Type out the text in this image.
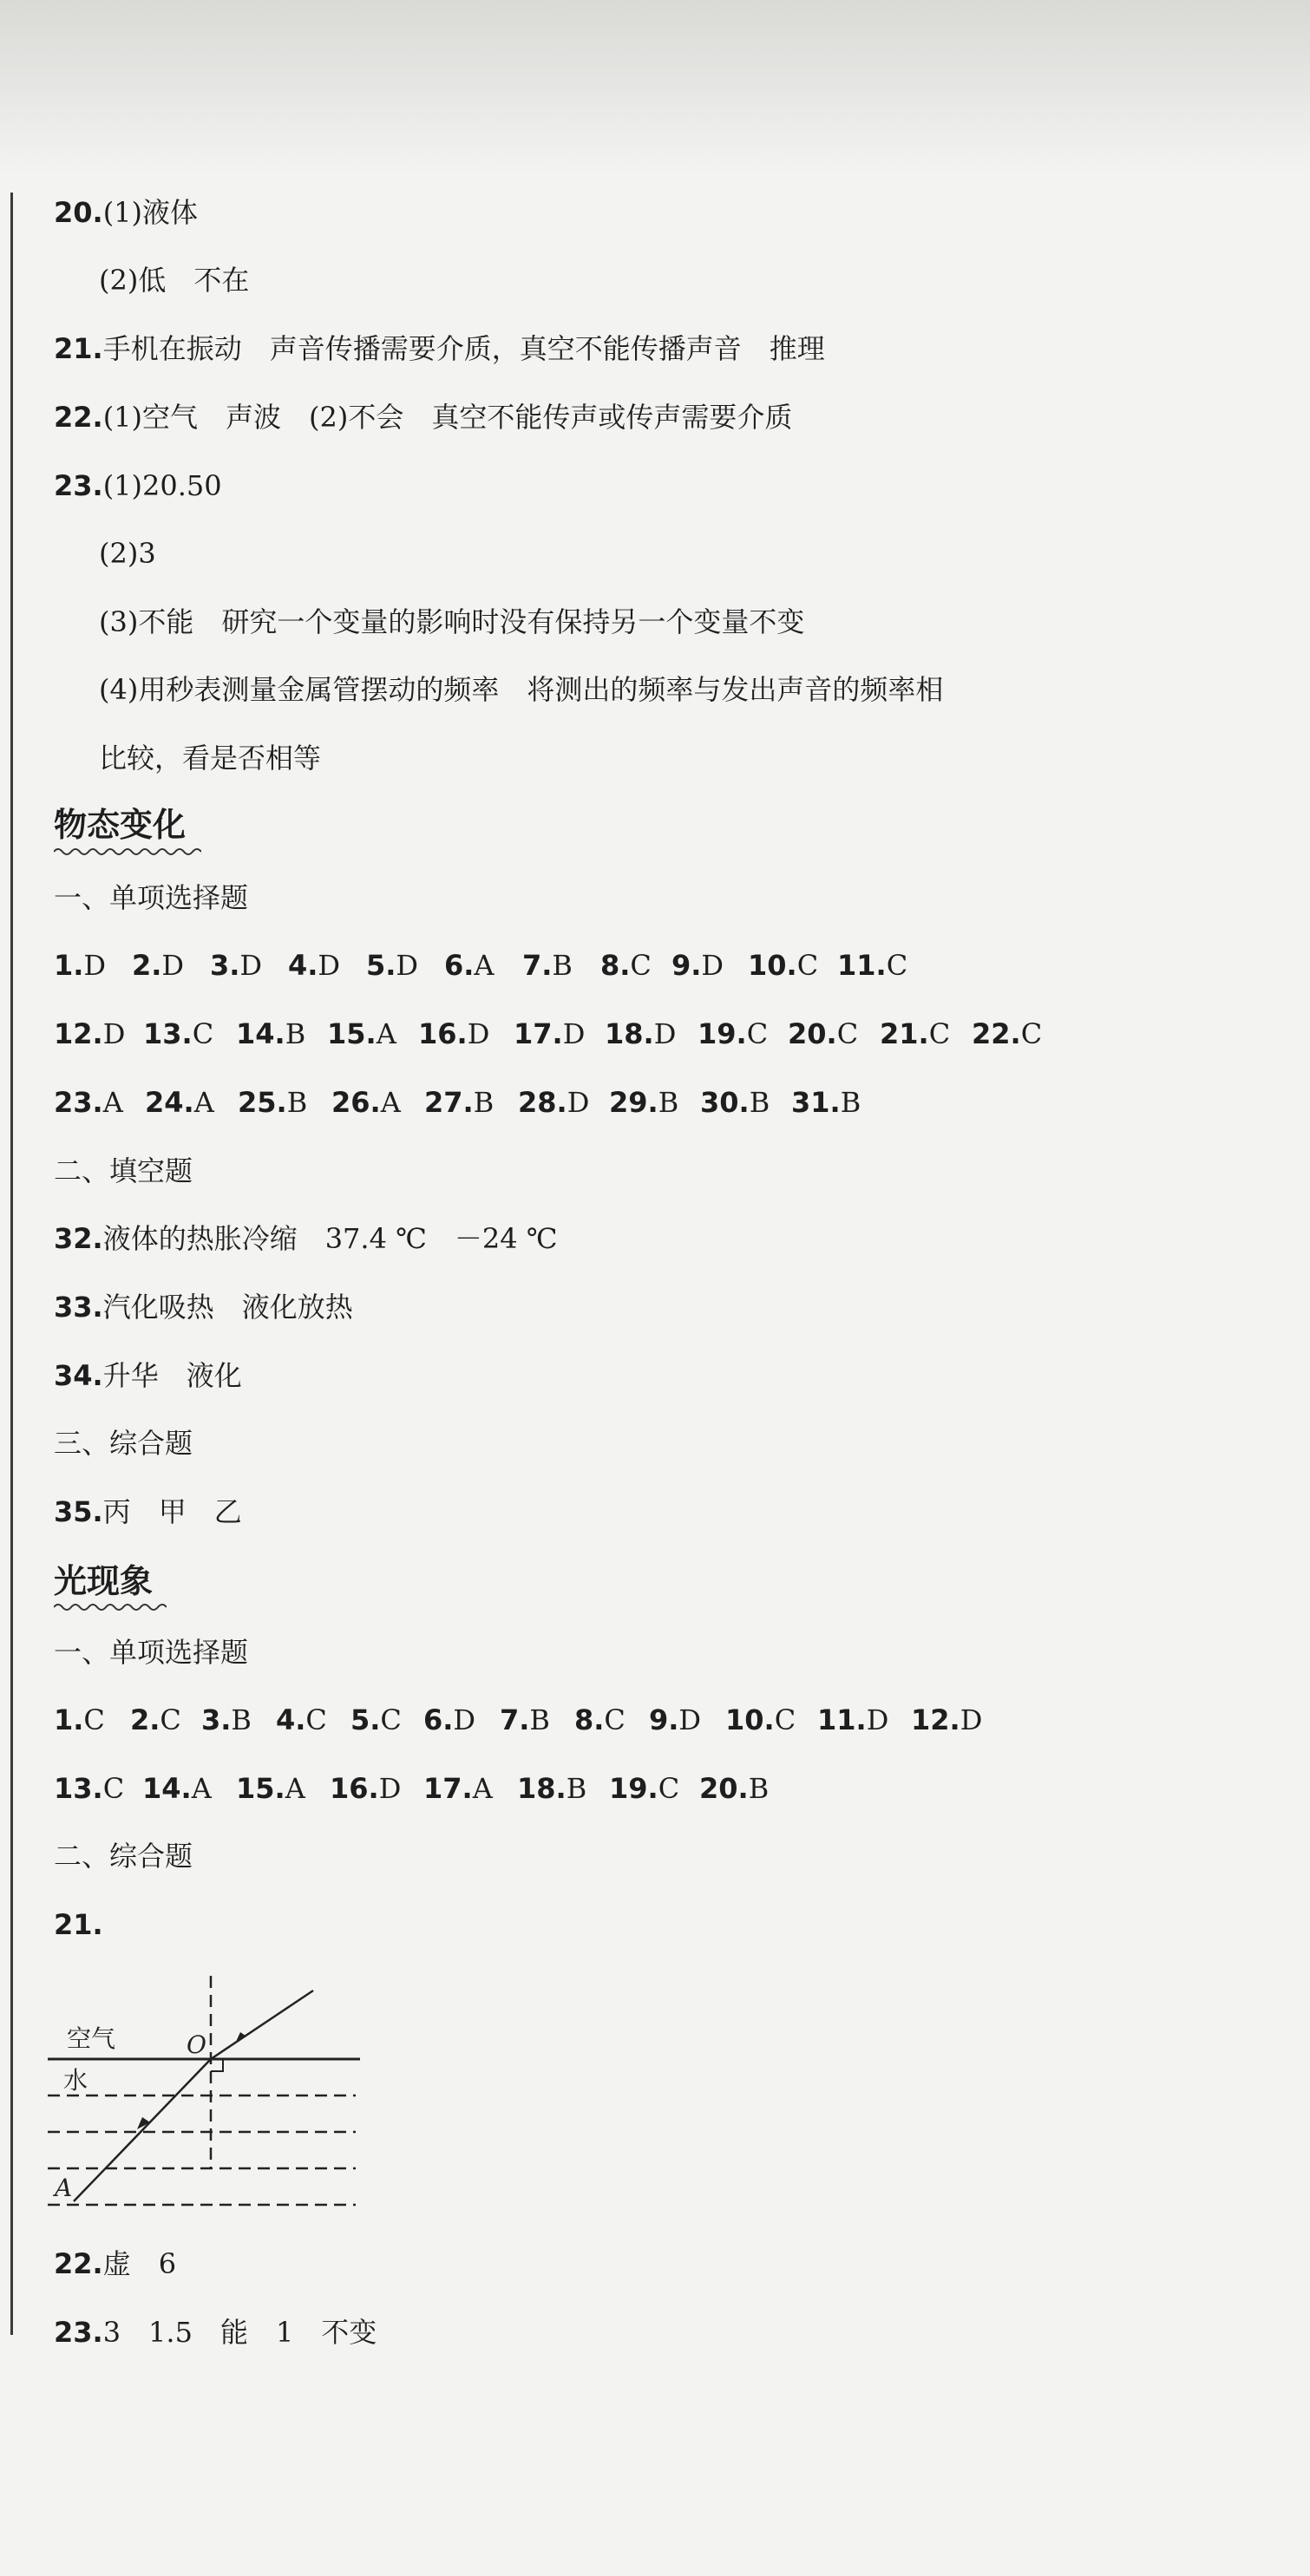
20.(1)液体
(2)低　不在
21.手机在振动　声音传播需要介质，真空不能传播声音　推理
22.(1)空气　声波　(2)不会　真空不能传声或传声需要介质
23.(1)20.50
(2)3
(3)不能　研究一个变量的影响时没有保持另一个变量不变
(4)用秒表测量金属管摆动的频率　将测出的频率与发出声音的频率相
比较，看是否相等
物态变化
一、单项选择题
1.D 2.D 3.D 4.D 5.D 6.A 7.B 8.C 9.D 10.C 11.C
12.D 13.C 14.B 15.A 16.D 17.D 18.D 19.C 20.C 21.C 22.C
23.A 24.A 25.B 26.A 27.B 28.D 29.B 30.B 31.B
二、填空题
32.液体的热胀冷缩　37.4 ℃　－24 ℃
33.汽化吸热　液化放热
34.升华　液化
三、综合题
35.丙　甲　乙
光现象
一、单项选择题
1.C 2.C 3.B 4.C 5.C 6.D 7.B 8.C 9.D 10.C 11.D 12.D
13.C 14.A 15.A 16.D 17.A 18.B 19.C 20.B
二、综合题
21.
空气
水
O
A
22.虚　6
23.3　1.5　能　1　不变
